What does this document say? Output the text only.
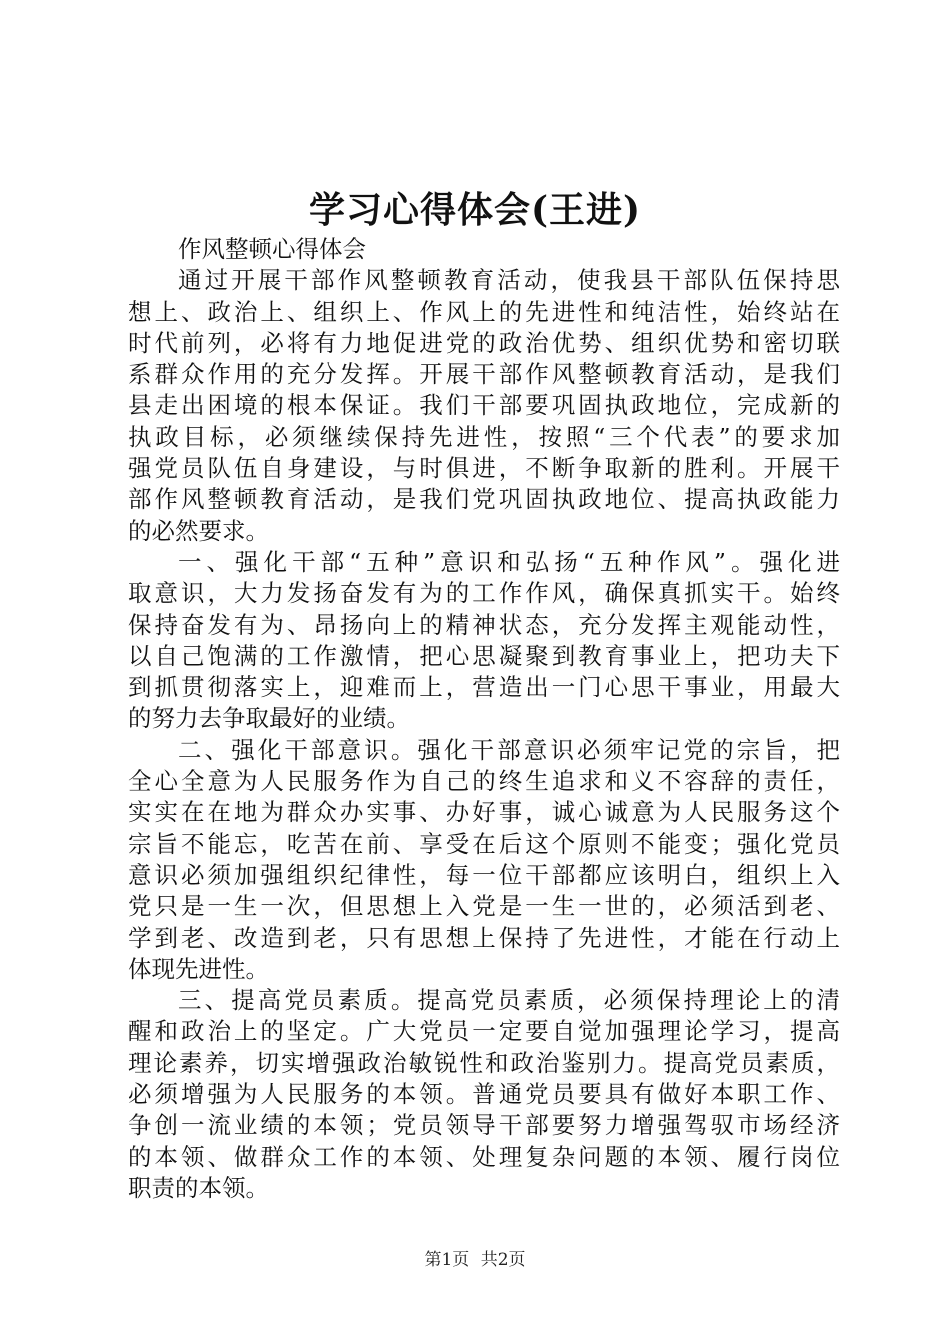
学习心得体会(王进)
作风整顿心得体会
通过开展干部作风整顿教育活动，使我县干部队伍保持思
想上、政治上、组织上、作风上的先进性和纯洁性，始终站在
时代前列，必将有力地促进党的政治优势、组织优势和密切联
系群众作用的充分发挥。开展干部作风整顿教育活动，是我们
县走出困境的根本保证。我们干部要巩固执政地位，完成新的
执政目标，必须继续保持先进性，按照“三个代表”的要求加
强党员队伍自身建设，与时俱进，不断争取新的胜利。开展干
部作风整顿教育活动，是我们党巩固执政地位、提高执政能力
的必然要求。
一、强化干部“五种”意识和弘扬“五种作风”。强化进
取意识，大力发扬奋发有为的工作作风，确保真抓实干。始终
保持奋发有为、昂扬向上的精神状态，充分发挥主观能动性，
以自己饱满的工作激情，把心思凝聚到教育事业上，把功夫下
到抓贯彻落实上，迎难而上，营造出一门心思干事业，用最大
的努力去争取最好的业绩。
二、强化干部意识。强化干部意识必须牢记党的宗旨，把
全心全意为人民服务作为自己的终生追求和义不容辞的责任，
实实在在地为群众办实事、办好事，诚心诚意为人民服务这个
宗旨不能忘，吃苦在前、享受在后这个原则不能变；强化党员
意识必须加强组织纪律性，每一位干部都应该明白，组织上入
党只是一生一次，但思想上入党是一生一世的，必须活到老、
学到老、改造到老，只有思想上保持了先进性，才能在行动上
体现先进性。
三、提高党员素质。提高党员素质，必须保持理论上的清
醒和政治上的坚定。广大党员一定要自觉加强理论学习，提高
理论素养，切实增强政治敏锐性和政治鉴别力。提高党员素质，
必须增强为人民服务的本领。普通党员要具有做好本职工作、
争创一流业绩的本领；党员领导干部要努力增强驾驭市场经济
的本领、做群众工作的本领、处理复杂问题的本领、履行岗位
职责的本领。
第1页 共2页
